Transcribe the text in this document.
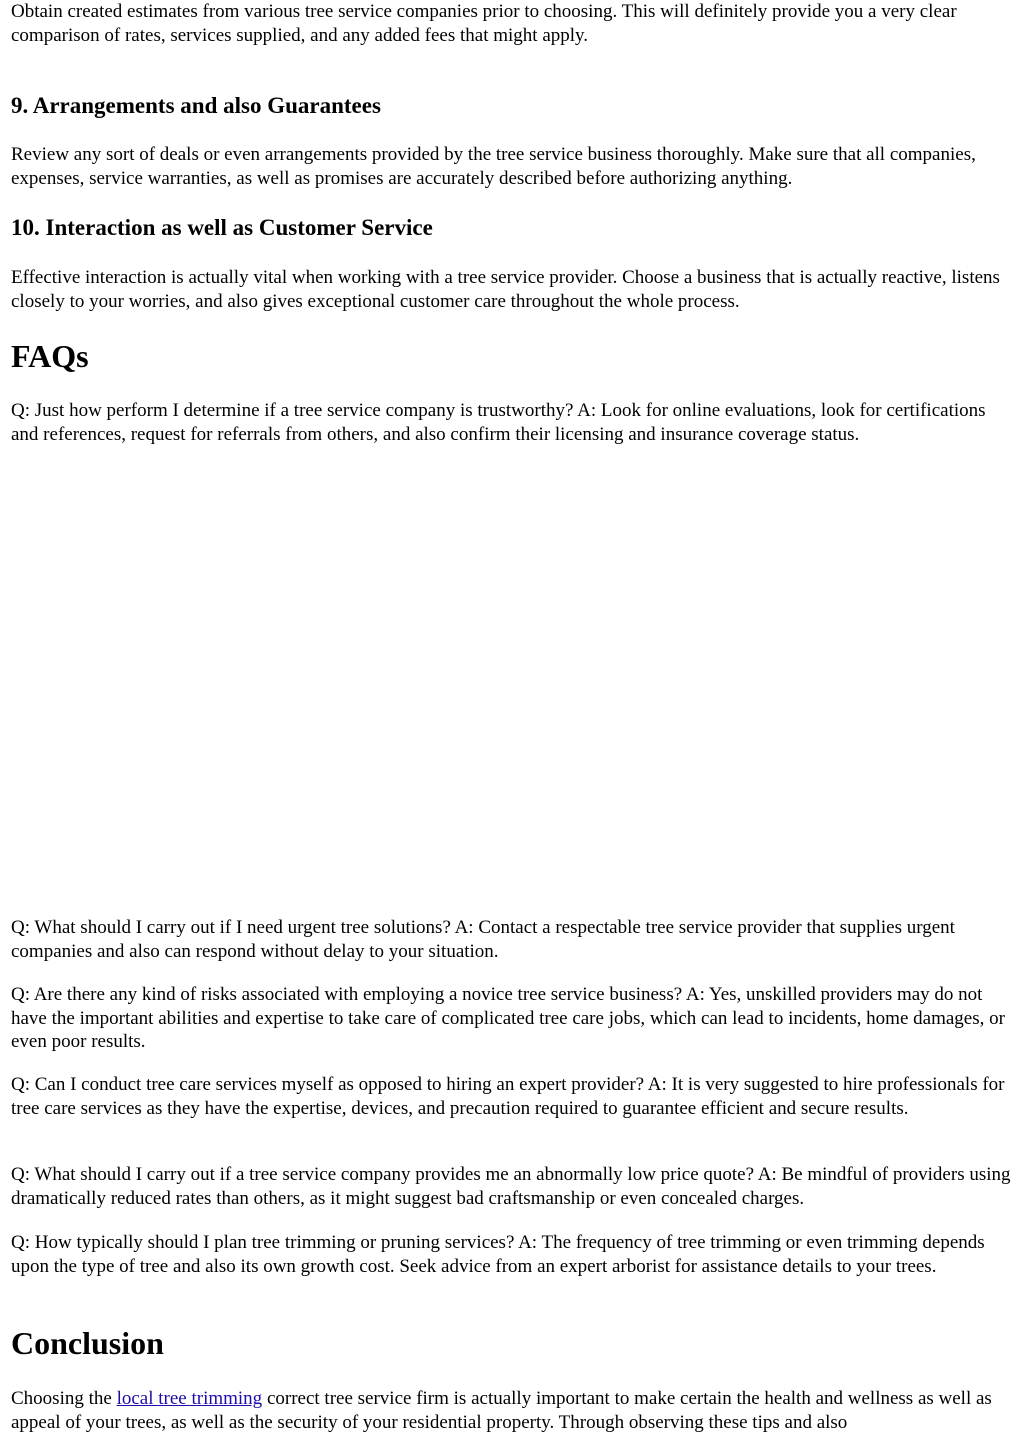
Obtain created estimates from various tree service companies prior to choosing. This will definitely provide you a very clear comparison of rates, services supplied, and any added fees that might apply.

9. Arrangements and also Guarantees

Review any sort of deals or even arrangements provided by the tree service business thoroughly. Make sure that all companies, expenses, service warranties, as well as promises are accurately described before authorizing anything.

10. Interaction as well as Customer Service

Effective interaction is actually vital when working with a tree service provider. Choose a business that is actually reactive, listens closely to your worries, and also gives exceptional customer care throughout the whole process.

FAQs

Q: Just how perform I determine if a tree service company is trustworthy? A: Look for online evaluations, look for certifications and references, request for referrals from others, and also confirm their licensing and insurance coverage status.

Q: What should I carry out if I need urgent tree solutions? A: Contact a respectable tree service provider that supplies urgent companies and also can respond without delay to your situation.

Q: Are there any kind of risks associated with employing a novice tree service business? A: Yes, unskilled providers may do not have the important abilities and expertise to take care of complicated tree care jobs, which can lead to incidents, home damages, or even poor results.

Q: Can I conduct tree care services myself as opposed to hiring an expert provider? A: It is very suggested to hire professionals for tree care services as they have the expertise, devices, and precaution required to guarantee efficient and secure results.

Q: What should I carry out if a tree service company provides me an abnormally low price quote? A: Be mindful of providers using dramatically reduced rates than others, as it might suggest bad craftsmanship or even concealed charges.

Q: How typically should I plan tree trimming or pruning services? A: The frequency of tree trimming or even trimming depends upon the type of tree and also its own growth cost. Seek advice from an expert arborist for assistance details to your trees.

Conclusion

Choosing the local tree trimming correct tree service firm is actually important to make certain the health and wellness as well as appeal of your trees, as well as the security of your residential property. Through observing these tips and also
